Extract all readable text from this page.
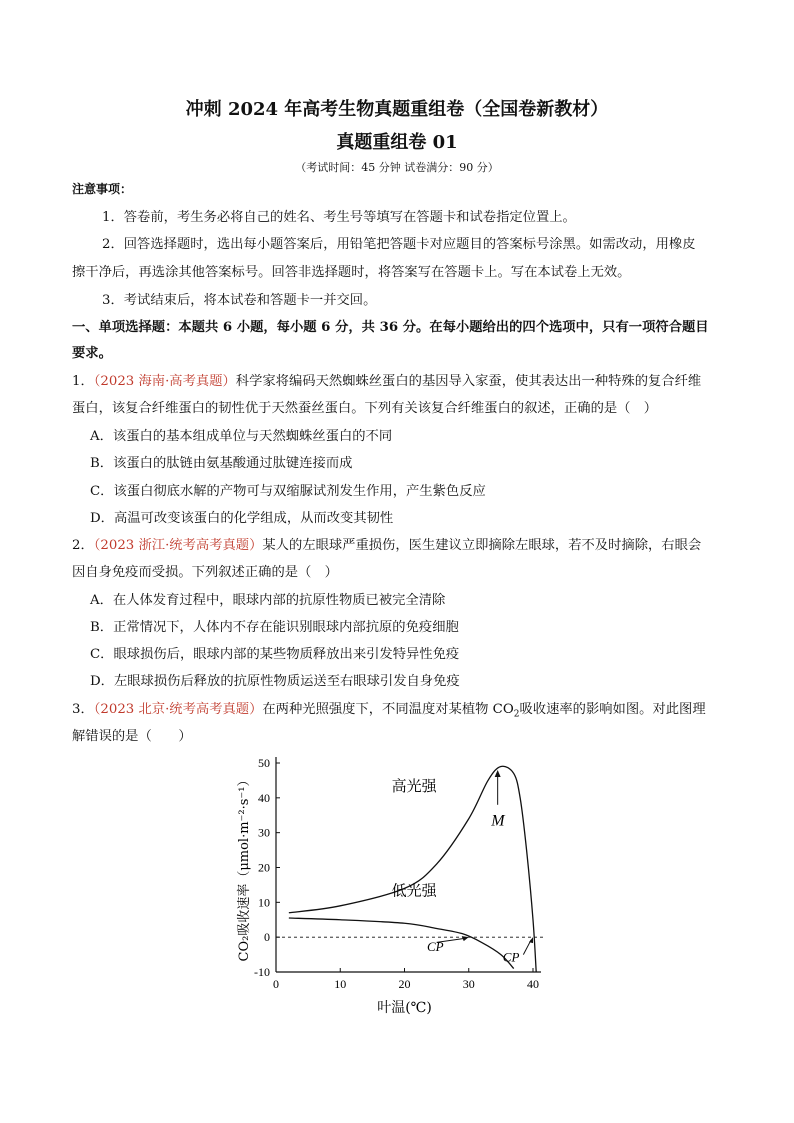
冲刺 2024 年高考生物真题重组卷（全国卷新教材）
真题重组卷 01
（考试时间：45 分钟 试卷满分：90 分）
注意事项：
1．答卷前，考生务必将自己的姓名、考生号等填写在答题卡和试卷指定位置上。
2．回答选择题时，选出每小题答案后，用铅笔把答题卡对应题目的答案标号涂黑。如需改动，用橡皮
擦干净后，再选涂其他答案标号。回答非选择题时，将答案写在答题卡上。写在本试卷上无效。
3．考试结束后，将本试卷和答题卡一并交回。
一、单项选择题：本题共 6 小题，每小题 6 分，共 36 分。在每小题给出的四个选项中，只有一项符合题目
要求。
1．（2023 海南·高考真题）科学家将编码天然蜘蛛丝蛋白的基因导入家蚕，使其表达出一种特殊的复合纤维
蛋白，该复合纤维蛋白的韧性优于天然蚕丝蛋白。下列有关该复合纤维蛋白的叙述，正确的是（　）
A．该蛋白的基本组成单位与天然蜘蛛丝蛋白的不同
B．该蛋白的肽链由氨基酸通过肽键连接而成
C．该蛋白彻底水解的产物可与双缩脲试剂发生作用，产生紫色反应
D．高温可改变该蛋白的化学组成，从而改变其韧性
2．（2023 浙江·统考高考真题）某人的左眼球严重损伤，医生建议立即摘除左眼球，若不及时摘除，右眼会
因自身免疫而受损。下列叙述正确的是（　）
A．在人体发育过程中，眼球内部的抗原性物质已被完全清除
B．正常情况下，人体内不存在能识别眼球内部抗原的免疫细胞
C．眼球损伤后，眼球内部的某些物质释放出来引发特异性免疫
D．左眼球损伤后释放的抗原性物质运送至右眼球引发自身免疫
3．（2023 北京·统考高考真题）在两种光照强度下，不同温度对某植物 $CO_2$吸收速率的影响如图。对此图理
解错误的是（　　）
-10
0
10
20
30
40
50
0	10	20	30	40
叶温(℃)
CO₂吸收速率（μmol·m⁻²·s⁻¹）	高光强
低光强
M
CP
CP
